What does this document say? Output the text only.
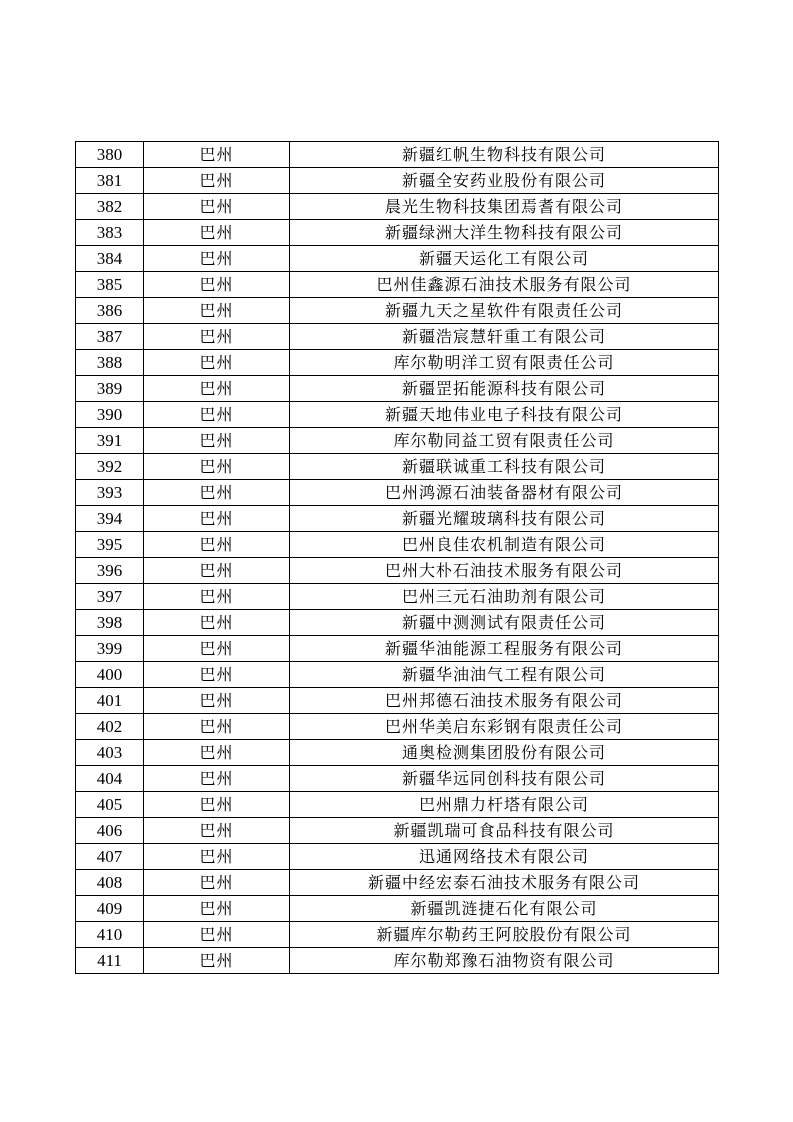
380	巴州	新疆红帆生物科技有限公司
381	巴州	新疆全安药业股份有限公司
382	巴州	晨光生物科技集团焉耆有限公司
383	巴州	新疆绿洲大洋生物科技有限公司
384	巴州	新疆天运化工有限公司
385	巴州	巴州佳鑫源石油技术服务有限公司
386	巴州	新疆九天之星软件有限责任公司
387	巴州	新疆浩宸慧轩重工有限公司
388	巴州	库尔勒明洋工贸有限责任公司
389	巴州	新疆罡拓能源科技有限公司
390	巴州	新疆天地伟业电子科技有限公司
391	巴州	库尔勒同益工贸有限责任公司
392	巴州	新疆联诚重工科技有限公司
393	巴州	巴州鸿源石油装备器材有限公司
394	巴州	新疆光耀玻璃科技有限公司
395	巴州	巴州良佳农机制造有限公司
396	巴州	巴州大朴石油技术服务有限公司
397	巴州	巴州三元石油助剂有限公司
398	巴州	新疆中测测试有限责任公司
399	巴州	新疆华油能源工程服务有限公司
400	巴州	新疆华油油气工程有限公司
401	巴州	巴州邦德石油技术服务有限公司
402	巴州	巴州华美启东彩钢有限责任公司
403	巴州	通奥检测集团股份有限公司
404	巴州	新疆华远同创科技有限公司
405	巴州	巴州鼎力杆塔有限公司
406	巴州	新疆凯瑞可食品科技有限公司
407	巴州	迅通网络技术有限公司
408	巴州	新疆中经宏泰石油技术服务有限公司
409	巴州	新疆凯涟捷石化有限公司
410	巴州	新疆库尔勒药王阿胶股份有限公司
411	巴州	库尔勒郑豫石油物资有限公司
